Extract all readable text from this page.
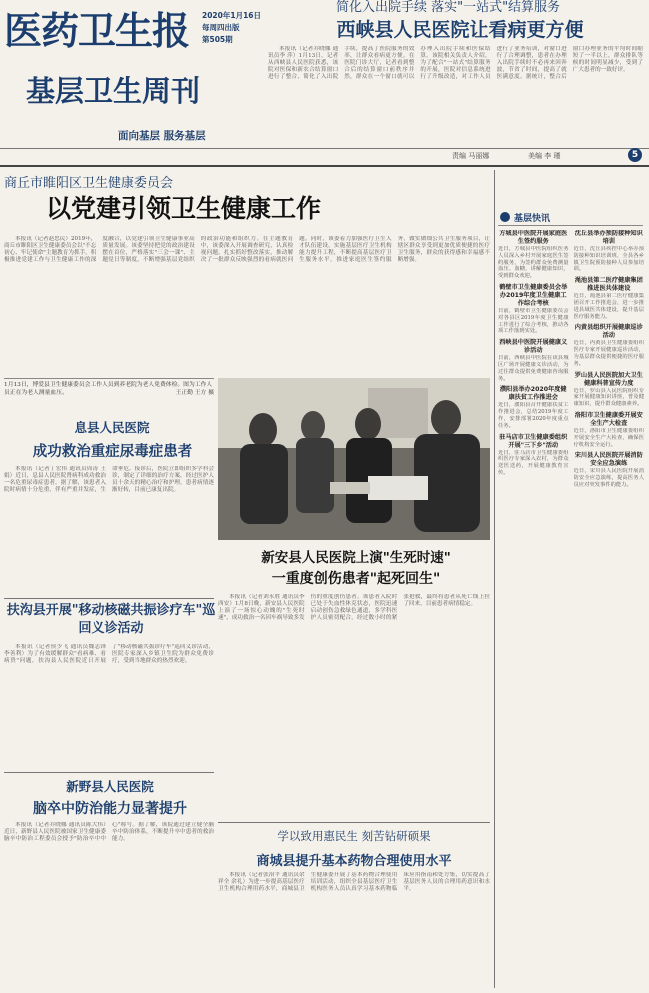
医药卫生报	2020年1月16日
每周四出版
第505期
基层卫生周刊
面向基层 服务基层
简化入出院手续 落实"一站式"结算服务
西峡县人民医院让看病更方便

本报讯（记者乔晓娜 通讯员李 萍）1月13日，记者从西峡县人民医院获悉，该院对医保和新农合结算窗口进行了整合，简化了入出院手续，提高了医院服务的效率，让群众看病更方便。在医院门诊大厅，记者看到整合后的结算窗口前秩序井然，群众在一个窗口就可以办理入出院手续和医保结算。该院相关负责人介绍，为了配合"一站式"结算服务的开展，医院对信息系统进行了升级改造，对工作人员进行了业务培训，对窗口进行了合理调整，患者在办理入出院手续时不必再来回奔波，节省了时间，提高了就医满意度。据统计，整合后窗口办理业务的平均时间缩短了一半以上，群众排队等候的时间明显减少，受到了广大患者的一致好评。

责编 马丽娜	美编 李 瑾	5
商丘市睢阳区卫生健康委员会
以党建引领卫生健康工作

本报讯（记者赵忠民）2019年，商丘市睢阳区卫生健康委员会以"不忘初心、牢记使命"主题教育为抓手，积极推进党建工作与卫生健康工作的深度融合，以党建引领卫生健康事业高质量发展。该委坚持把党的政治建设摆在首位，严格落实"三会一课"、主题党日等制度，不断增强基层党组织的政治功能和组织力。在主题教育中，该委深入开展调查研究，认真检视问题，扎实抓好整改落实，推动解决了一批群众反映强烈的看病就医问题。同时，该委着力加强医疗卫生人才队伍建设，实施基层医疗卫生机构能力提升工程，不断提高基层医疗卫生服务水平，推进家庭医生签约服务，做实做细公共卫生服务项目，让辖区群众享受到更加优质便捷的医疗卫生服务，群众的获得感和幸福感不断增强。

1月13日，博爱县卫生健康委员会工作人员到养老院为老人免费体检。图为工作人员正在为老人测量血压。	王正勤 王方 摄
息县人民医院
成功救治重症尿毒症患者

本报讯（记者丁宏伟 通讯员周涛 王娟）近日，息县人民医院肾病科成功救治一名危重尿毒症患者。据了解，该患者入院时病情十分危重，伴有严重并发症，生命垂危。接诊后，医院立即组织多学科会诊，制定了详细的治疗方案，经过医护人员十余天的精心治疗和护理，患者病情逐渐好转，目前已康复出院。

扶沟县开展"移动核磁共振诊疗车"巡回义诊活动

本报讯（记者侯少飞 通讯员魏志锋 李善利）为了有效缓解群众"看病难、看病贵"问题，扶沟县人民医院近日开展了"移动核磁共振诊疗车"巡回义诊活动，医院专家深入乡镇卫生院为群众免费诊疗，受到当地群众的热烈欢迎。

新野县人民医院
脑卒中防治能力显著提升

本报讯（记者乔晓娜 通讯员陈大伟）近日，新野县人民医院被国家卫生健康委脑卒中防治工程委员会授予"防治卒中中心"称号。据了解，该院通过建立健全脑卒中防治体系，不断提升卒中患者的救治能力。

新安县人民医院上演"生死时速"
一重度创伤患者"起死回生"

本报讯（记者刘永胜 通讯员李西安）1月8日晚，新安县人民医院上演了一场惊心动魄的"生死时速"，成功救治一名因车祸导致多发伤的重度创伤患者。该患者入院时已处于失血性休克状态，医院迅速启动创伤急救绿色通道，多学科医护人员密切配合，经过数小时的紧张抢救，最终将患者从死亡线上拉了回来，目前患者病情稳定。

学以致用惠民生 刻苦钻研硕果
商城县提升基本药物合理使用水平

本报讯（记者张治平 通讯员余祥全 余礼）为进一步提高基层医疗卫生机构合理用药水平，商城县卫生健康委开展了基本药物合理使用培训活动，组织全县基层医疗卫生机构医务人员认真学习基本药物临床应用指南和处方集，切实提高了基层医务人员的合理用药意识和水平。

基层快讯
方城县中医院开展家庭医生签约服务
近日，方城县中医院组织医务人员深入乡村开展家庭医生签约服务，为签约群众免费测量血压、血糖，讲解健康知识，受到群众欢迎。
鹤壁市卫生健康委员会举办2019年度卫生健康工作综合考核
日前，鹤壁市卫生健康委员会对各县区2019年度卫生健康工作进行了综合考核，推动各项工作落到实处。
西峡县中医院开展健康义诊活动
日前，西峡县中医院在该县城区广场开展健康义诊活动，为过往群众提供免费健康咨询服务。
濮阳县举办2020年度健康扶贫工作推进会
近日，濮阳县召开健康扶贫工作推进会，总结2019年度工作，安排部署2020年度重点任务。
驻马店市卫生健康委组织开展"三下乡"活动
近日，驻马店市卫生健康委组织医疗专家深入农村，为群众送医送药，开展健康教育宣传。
沈丘县举办预防接种知识培训
近日，沈丘县疾控中心举办预防接种知识培训班，全县各乡镇卫生院预防接种人员参加培训。
渑池县第二医疗健康集团推进医共体建设
近日，渑池县第二医疗健康集团召开工作推进会，进一步推进县域医共体建设，提升基层医疗服务能力。
内黄县组织开展健康巡诊活动
近日，内黄县卫生健康委组织医疗专家开展健康巡诊活动，为基层群众提供便捷的医疗服务。
罗山县人民医院加大卫生健康科普宣传力度
近日，罗山县人民医院组织专家开展健康知识讲座，普及健康知识，提升群众健康素养。
洛阳市卫生健康委开展安全生产大检查
近日，洛阳市卫生健康委组织开展安全生产大检查，确保医疗机构安全运行。
宋川县人民医院开展消防安全应急演练
近日，宋川县人民医院开展消防安全应急演练，提高医务人员应对突发事件的能力。
